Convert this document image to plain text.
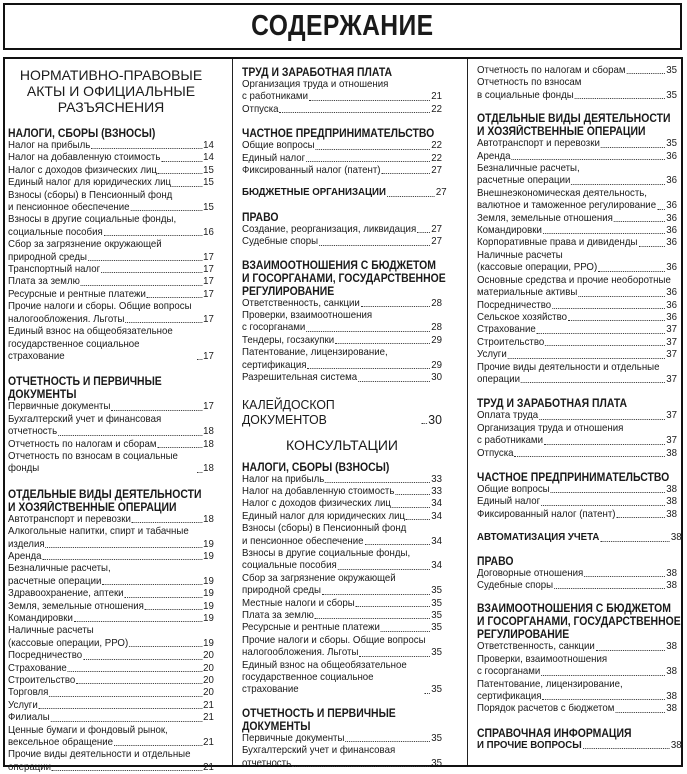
СОДЕРЖАНИЕ
НОРМАТИВНО-ПРАВОВЫЕ
АКТЫ И ОФИЦИАЛЬНЫЕ
РАЗЪЯСНЕНИЯ
НАЛОГИ, СБОРЫ (ВЗНОСЫ)
Налог на прибыль	14
Налог на добавленную стоимость	14
Налог с доходов физических лиц	15
Единый налог для юридических лиц	15
Взносы (сборы) в Пенсионный фонд
и пенсионное обеспечение	15
Взносы в другие социальные фонды,
социальные пособия	16
Сбор за загрязнение окружающей
природной среды	17
Транспортный налог	17
Плата за землю	17
Ресурсные и рентные платежи	17
Прочие налоги и сборы. Общие вопросы
налогообложения. Льготы	17
Единый взнос на общеобязательное
государственное социальное страхование	17
ОТЧЕТНОСТЬ И ПЕРВИЧНЫЕ
ДОКУМЕНТЫ
Первичные документы	17
Бухгалтерский учет и финансовая
отчетность	18
Отчетность по налогам и сборам	18
Отчетность по взносам в социальные фонды	18
ОТДЕЛЬНЫЕ ВИДЫ ДЕЯТЕЛЬНОСТИ
И ХОЗЯЙСТВЕННЫЕ ОПЕРАЦИИ
Автотранспорт и перевозки	18
Алкогольные напитки, спирт и табачные
изделия	19
Аренда	19
Безналичные расчеты,
расчетные операции	19
Здравоохранение, аптеки	19
Земля, земельные отношения	19
Командировки	19
Наличные расчеты
(кассовые операции, РРО)	19
Посредничество	20
Страхование	20
Строительство	20
Торговля	20
Услуги	21
Филиалы	21
Ценные бумаги и фондовый рынок,
вексельное обращение	21
Прочие виды деятельности и отдельные
операции	21
ТРУД И ЗАРАБОТНАЯ ПЛАТА
Организация труда и отношения
с работниками	21
Отпуска	22
ЧАСТНОЕ ПРЕДПРИНИМАТЕЛЬСТВО
Общие вопросы	22
Единый налог	22
Фиксированный налог (патент)	27
БЮДЖЕТНЫЕ ОРГАНИЗАЦИИ	27
ПРАВО
Создание, реорганизация, ликвидация 27
Судебные споры	27
ВЗАИМООТНОШЕНИЯ С БЮДЖЕТОМ
И ГОСОРГАНАМИ, ГОСУДАРСТВЕННОЕ
РЕГУЛИРОВАНИЕ
Ответственность, санкции	28
Проверки, взаимоотношения
с госорганами	28
Тендеры, госзакупки	29
Патентование, лицензирование,
сертификация	29
Разрешительная система	30
КАЛЕЙДОСКОП ДОКУМЕНТОВ	30
КОНСУЛЬТАЦИИ
НАЛОГИ, СБОРЫ (ВЗНОСЫ)
Налог на прибыль	33
Налог на добавленную стоимость	33
Налог с доходов физических лиц	34
Единый налог для юридических лиц	34
Взносы (сборы) в Пенсионный фонд
и пенсионное обеспечение	34
Взносы в другие социальные фонды,
социальные пособия	34
Сбор за загрязнение окружающей
природной среды	35
Местные налоги и сборы	35
Плата за землю	35
Ресурсные и рентные платежи	35
Прочие налоги и сборы. Общие вопросы
налогообложения. Льготы	35
Единый взнос на общеобязательное
государственное социальное страхование	35
ОТЧЕТНОСТЬ И ПЕРВИЧНЫЕ
ДОКУМЕНТЫ
Первичные документы	35
Бухгалтерский учет и финансовая
отчетность	35
Отчетность по налогам и сборам	35
Отчетность по взносам
в социальные фонды	35
ОТДЕЛЬНЫЕ ВИДЫ ДЕЯТЕЛЬНОСТИ
И ХОЗЯЙСТВЕННЫЕ ОПЕРАЦИИ
Автотранспорт и перевозки	35
Аренда	36
Безналичные расчеты,
расчетные операции	36
Внешнеэкономическая деятельность,
валютное и таможенное регулирование 36
Земля, земельные отношения	36
Командировки	36
Корпоративные права и дивиденды	36
Наличные расчеты
(кассовые операции, РРО)	36
Основные средства и прочие необоротные
материальные активы	36
Посредничество	36
Сельское хозяйство	36
Страхование	37
Строительство	37
Услуги	37
Прочие виды деятельности и отдельные
операции	37
ТРУД И ЗАРАБОТНАЯ ПЛАТА
Оплата труда	37
Организация труда и отношения
с работниками	37
Отпуска	38
ЧАСТНОЕ ПРЕДПРИНИМАТЕЛЬСТВО
Общие вопросы	38
Единый налог	38
Фиксированный налог (патент)	38
АВТОМАТИЗАЦИЯ УЧЕТА	38
ПРАВО
Договорные отношения	38
Судебные споры	38
ВЗАИМООТНОШЕНИЯ С БЮДЖЕТОМ
И ГОСОРГАНАМИ, ГОСУДАРСТВЕННОЕ
РЕГУЛИРОВАНИЕ
Ответственность, санкции	38
Проверки, взаимоотношения
с госорганами	38
Патентование, лицензирование,
сертификация	38
Порядок расчетов с бюджетом	38
СПРАВОЧНАЯ ИНФОРМАЦИЯ
И ПРОЧИЕ ВОПРОСЫ	38
